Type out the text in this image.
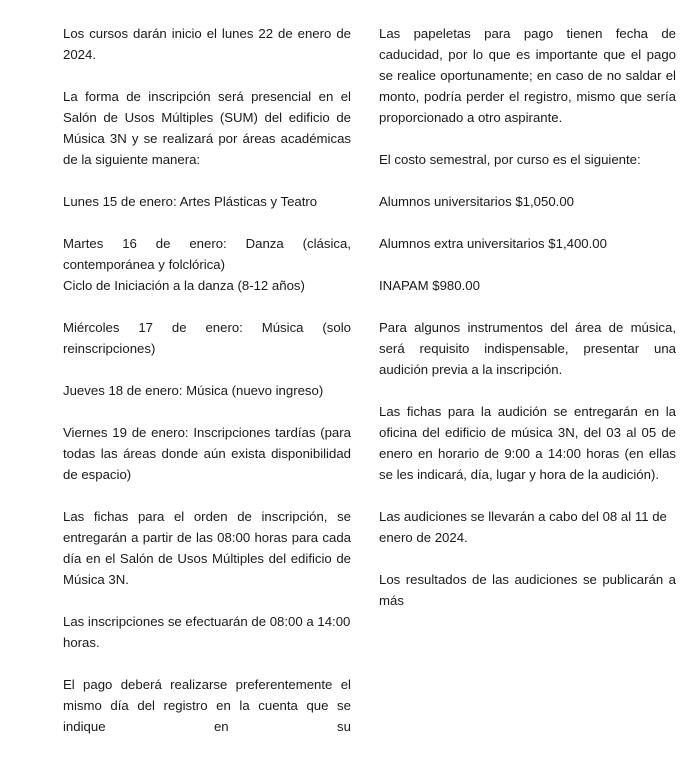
Los cursos darán inicio el lunes 22 de enero de 2024.

La forma de inscripción será presencial en el Salón de Usos Múltiples (SUM) del edificio de Música 3N y se realizará por áreas académicas de la siguiente manera:

Lunes 15 de enero: Artes Plásticas y Teatro

Martes 16 de enero: Danza (clásica, contemporánea y folclórica)

Ciclo de Iniciación a la danza (8-12 años)

Miércoles 17 de enero: Música (solo reinscripciones)

Jueves 18 de enero: Música (nuevo ingreso)

Viernes 19 de enero: Inscripciones tardías (para todas las áreas donde aún exista disponibilidad de espacio)

Las fichas para el orden de inscripción, se entregarán a partir de las 08:00 horas para cada día en el Salón de Usos Múltiples del edificio de Música 3N.

Las inscripciones se efectuarán de 08:00 a 14:00 horas.

El pago deberá realizarse preferentemente el mismo día del registro en la cuenta que se indique en su

Las papeletas para pago tienen fecha de caducidad, por lo que es importante que el pago se realice oportunamente; en caso de no saldar el monto, podría perder el registro, mismo que sería proporcionado a otro aspirante.

El costo semestral, por curso es el siguiente:

Alumnos universitarios $1,050.00

Alumnos extra universitarios $1,400.00

INAPAM $980.00

Para algunos instrumentos del área de música, será requisito indispensable, presentar una audición previa a la inscripción.

Las fichas para la audición se entregarán en la oficina del edificio de música 3N, del 03 al 05 de enero en horario de 9:00 a 14:00 horas (en ellas se les indicará, día, lugar y hora de la audición).

Las audiciones se llevarán a cabo del 08 al 11 de enero de 2024.

Los resultados de las audiciones se publicarán a más
